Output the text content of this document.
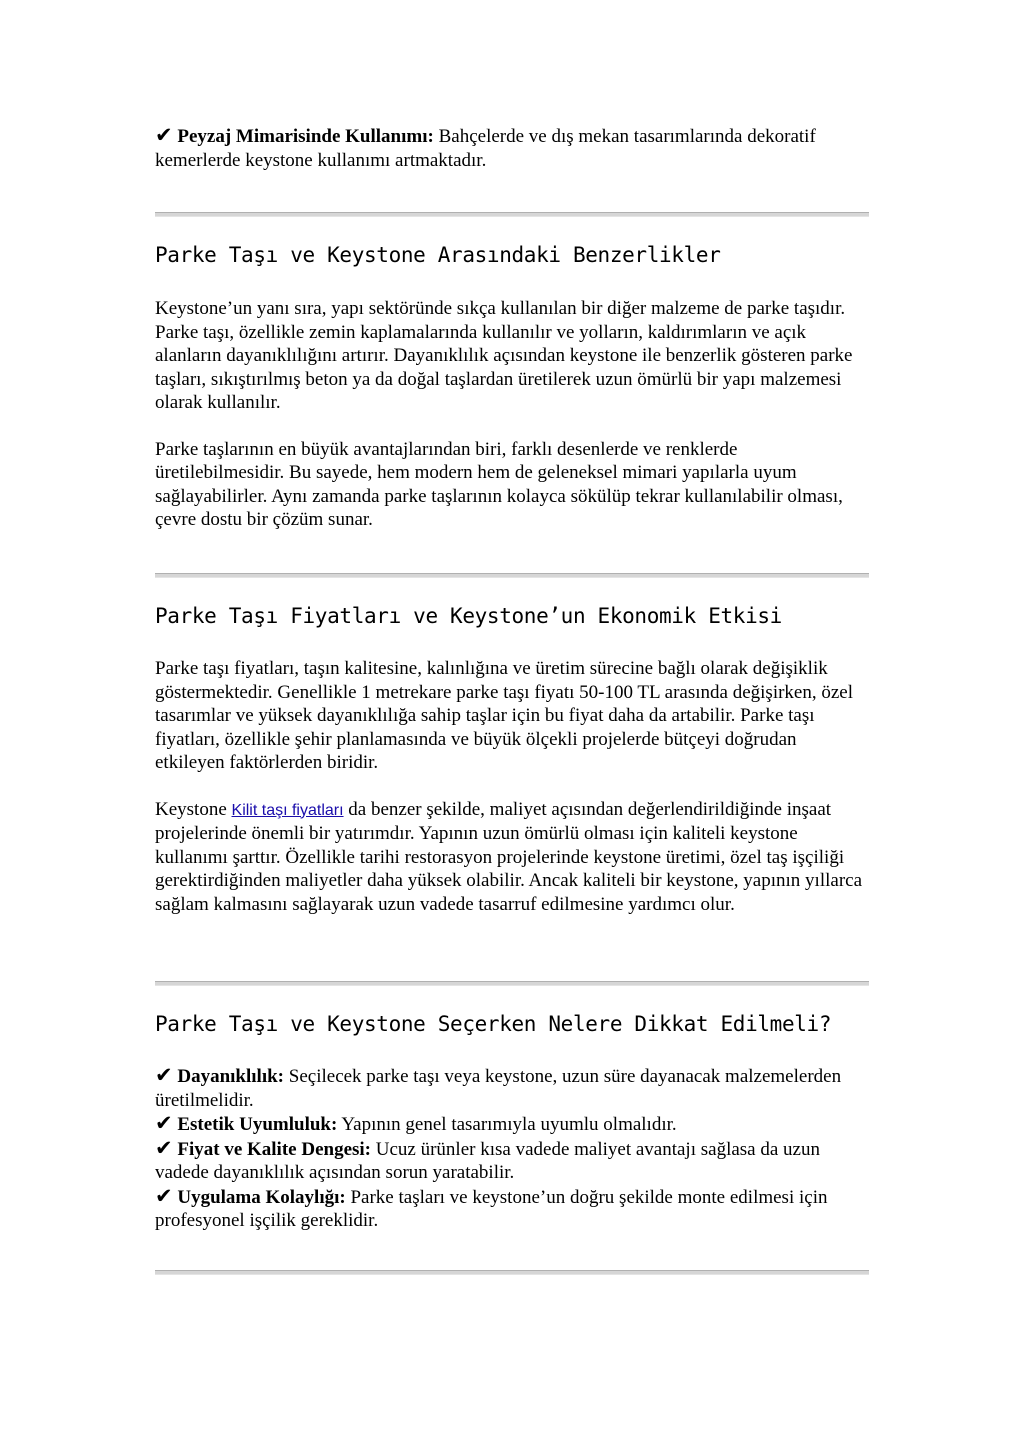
✔ Peyzaj Mimarisinde Kullanımı: Bahçelerde ve dış mekan tasarımlarında dekoratif kemerlerde keystone kullanımı artmaktadır.

Parke Taşı ve Keystone Arasındaki Benzerlikler

Keystone’un yanı sıra, yapı sektöründe sıkça kullanılan bir diğer malzeme de parke taşıdır. Parke taşı, özellikle zemin kaplamalarında kullanılır ve yolların, kaldırımların ve açık alanların dayanıklılığını artırır. Dayanıklılık açısından keystone ile benzerlik gösteren parke taşları, sıkıştırılmış beton ya da doğal taşlardan üretilerek uzun ömürlü bir yapı malzemesi olarak kullanılır.

Parke taşlarının en büyük avantajlarından biri, farklı desenlerde ve renklerde üretilebilmesidir. Bu sayede, hem modern hem de geleneksel mimari yapılarla uyum sağlayabilirler. Aynı zamanda parke taşlarının kolayca sökülüp tekrar kullanılabilir olması, çevre dostu bir çözüm sunar.

Parke Taşı Fiyatları ve Keystone’un Ekonomik Etkisi

Parke taşı fiyatları, taşın kalitesine, kalınlığına ve üretim sürecine bağlı olarak değişiklik göstermektedir. Genellikle 1 metrekare parke taşı fiyatı 50-100 TL arasında değişirken, özel tasarımlar ve yüksek dayanıklılığa sahip taşlar için bu fiyat daha da artabilir. Parke taşı fiyatları, özellikle şehir planlamasında ve büyük ölçekli projelerde bütçeyi doğrudan etkileyen faktörlerden biridir.

Keystone Kilit taşı fiyatları da benzer şekilde, maliyet açısından değerlendirildiğinde inşaat projelerinde önemli bir yatırımdır. Yapının uzun ömürlü olması için kaliteli keystone kullanımı şarttır. Özellikle tarihi restorasyon projelerinde keystone üretimi, özel taş işçiliği gerektirdiğinden maliyetler daha yüksek olabilir. Ancak kaliteli bir keystone, yapının yıllarca sağlam kalmasını sağlayarak uzun vadede tasarruf edilmesine yardımcı olur.

Parke Taşı ve Keystone Seçerken Nelere Dikkat Edilmeli?

✔ Dayanıklılık: Seçilecek parke taşı veya keystone, uzun süre dayanacak malzemelerden üretilmelidir.

✔ Estetik Uyumluluk: Yapının genel tasarımıyla uyumlu olmalıdır.

✔ Fiyat ve Kalite Dengesi: Ucuz ürünler kısa vadede maliyet avantajı sağlasa da uzun vadede dayanıklılık açısından sorun yaratabilir.

✔ Uygulama Kolaylığı: Parke taşları ve keystone’un doğru şekilde monte edilmesi için profesyonel işçilik gereklidir.
